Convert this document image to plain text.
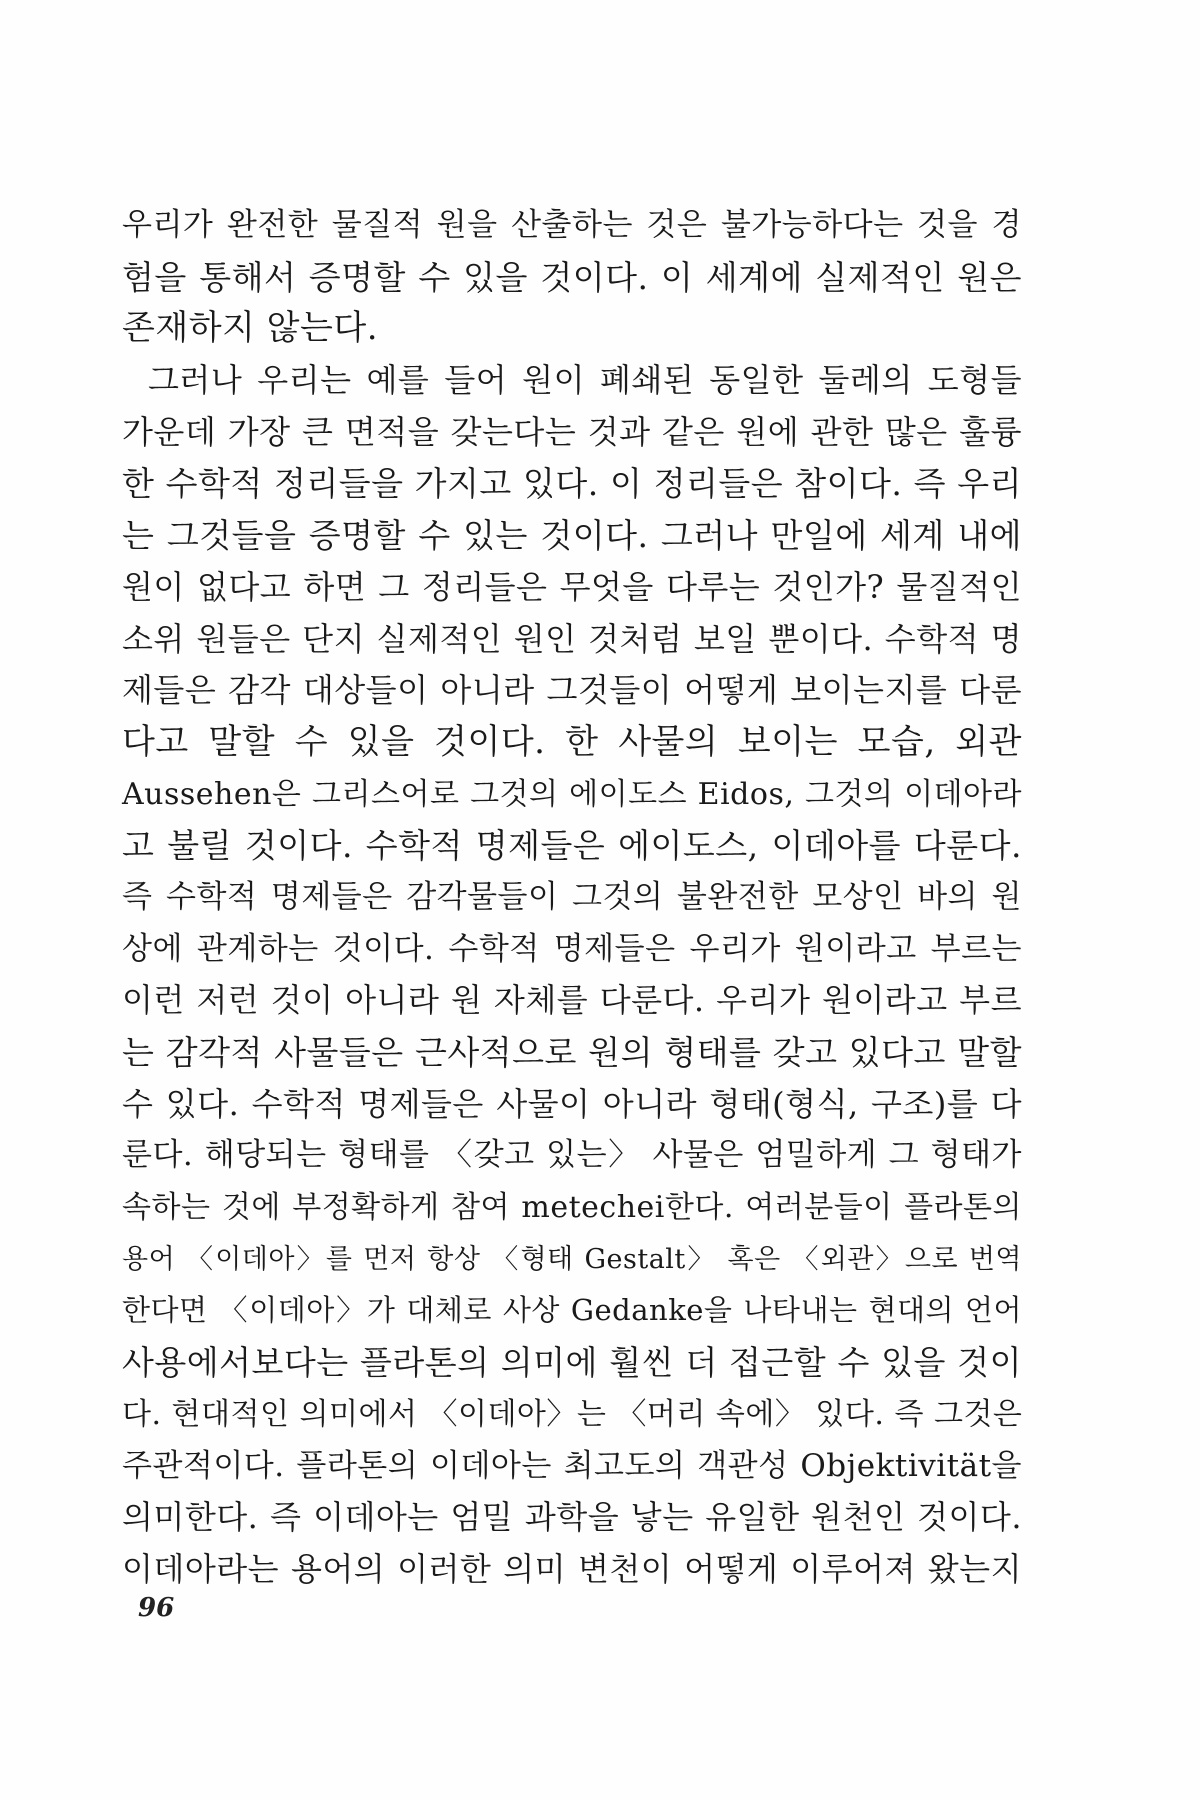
우리가 완전한 물질적 원을 산출하는 것은 불가능하다는 것을 경
험을 통해서 증명할 수 있을 것이다. 이 세계에 실제적인 원은
존재하지 않는다.
그러나 우리는 예를 들어 원이 폐쇄된 동일한 둘레의 도형들
가운데 가장 큰 면적을 갖는다는 것과 같은 원에 관한 많은 훌륭
한 수학적 정리들을 가지고 있다. 이 정리들은 참이다. 즉 우리
는 그것들을 증명할 수 있는 것이다. 그러나 만일에 세계 내에
원이 없다고 하면 그 정리들은 무엇을 다루는 것인가? 물질적인
소위 원들은 단지 실제적인 원인 것처럼 보일 뿐이다. 수학적 명
제들은 감각 대상들이 아니라 그것들이 어떻게 보이는지를 다룬
다고 말할 수 있을 것이다. 한 사물의 보이는 모습, 외관
Aussehen은 그리스어로 그것의 에이도스 Eidos, 그것의 이데아라
고 불릴 것이다. 수학적 명제들은 에이도스, 이데아를 다룬다.
즉 수학적 명제들은 감각물들이 그것의 불완전한 모상인 바의 원
상에 관계하는 것이다. 수학적 명제들은 우리가 원이라고 부르는
이런 저런 것이 아니라 원 자체를 다룬다. 우리가 원이라고 부르
는 감각적 사물들은 근사적으로 원의 형태를 갖고 있다고 말할
수 있다. 수학적 명제들은 사물이 아니라 형태(형식, 구조)를 다
룬다. 해당되는 형태를 〈갖고 있는〉 사물은 엄밀하게 그 형태가
속하는 것에 부정확하게 참여 metechei한다. 여러분들이 플라톤의
용어 〈이데아〉를 먼저 항상 〈형태 Gestalt〉 혹은 〈외관〉으로 번역
한다면 〈이데아〉가 대체로 사상 Gedanke을 나타내는 현대의 언어
사용에서보다는 플라톤의 의미에 훨씬 더 접근할 수 있을 것이
다. 현대적인 의미에서 〈이데아〉는 〈머리 속에〉 있다. 즉 그것은
주관적이다. 플라톤의 이데아는 최고도의 객관성 Objektivität을
의미한다. 즉 이데아는 엄밀 과학을 낳는 유일한 원천인 것이다.
이데아라는 용어의 이러한 의미 변천이 어떻게 이루어져 왔는지
96
